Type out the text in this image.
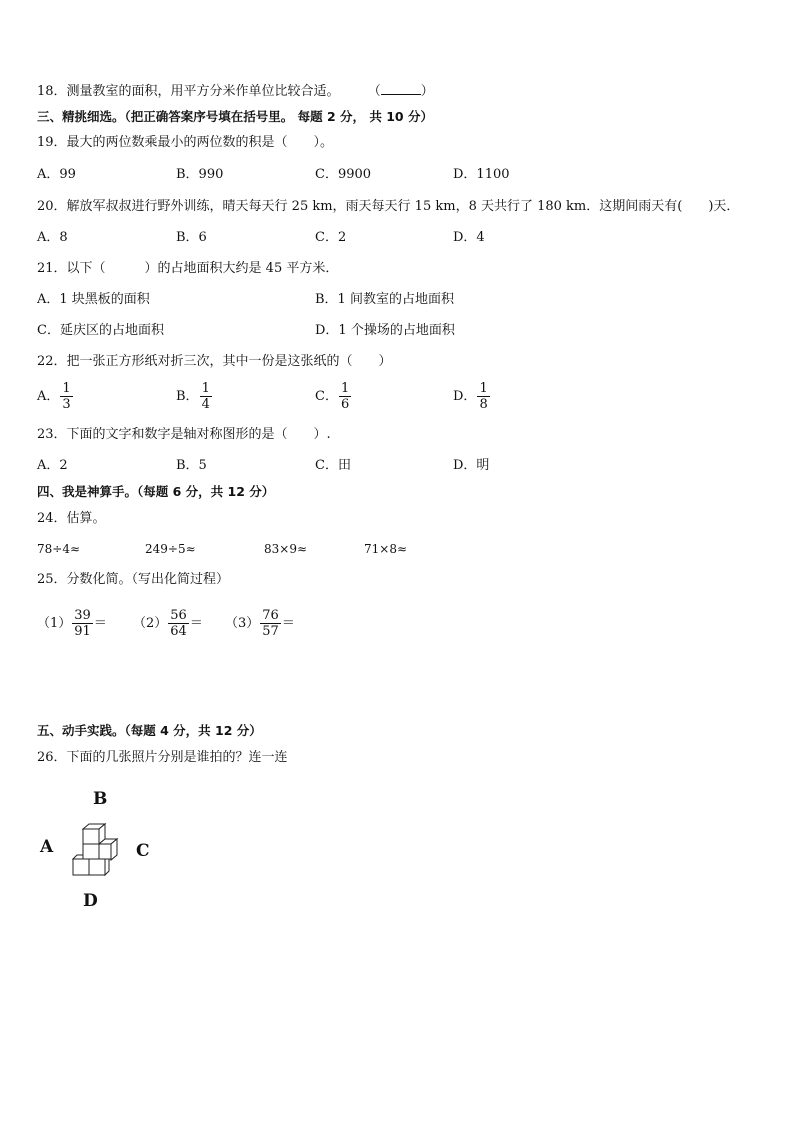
18．测量教室的面积，用平方分米作单位比较合适。 （	）
三、精挑细选。（把正确答案序号填在括号里。 每题 2 分， 共 10 分）
19．最大的两位数乘最小的两位数的积是（　　）。
A．99	B．990	C．9900	D．1100
20．解放军叔叔进行野外训练，晴天每天行 25 km，雨天每天行 15 km，8 天共行了 180 km．这期间雨天有(　　)天．
A．8	B．6	C．2	D．4
21．以下（　　　）的占地面积大约是 45 平方米．
A．1 块黑板的面积	B．1 间教室的占地面积
C．延庆区的占地面积	D．1 个操场的占地面积
22．把一张正方形纸对折三次，其中一份是这张纸的（　　）
A． $\frac{1}{3}$	B． $\frac{1}{4}$	C． $\frac{1}{6}$	D． $\frac{1}{8}$
23．下面的文字和数字是轴对称图形的是（　　）.
A．2	B．5	C．田	D．明
四、我是神算手。（每题 6 分，共 12 分）
24．估算。
78÷4≈	249÷5≈	83×9≈	71×8≈
25．分数化简。（写出化简过程）
$(1) \frac{39}{91} = (2) \frac{56}{64} = (3) \frac{76}{57}$ ＝
五、动手实践。（每题 4 分，共 12 分）
26．下面的几张照片分别是谁拍的？连一连
B
A	C
D
